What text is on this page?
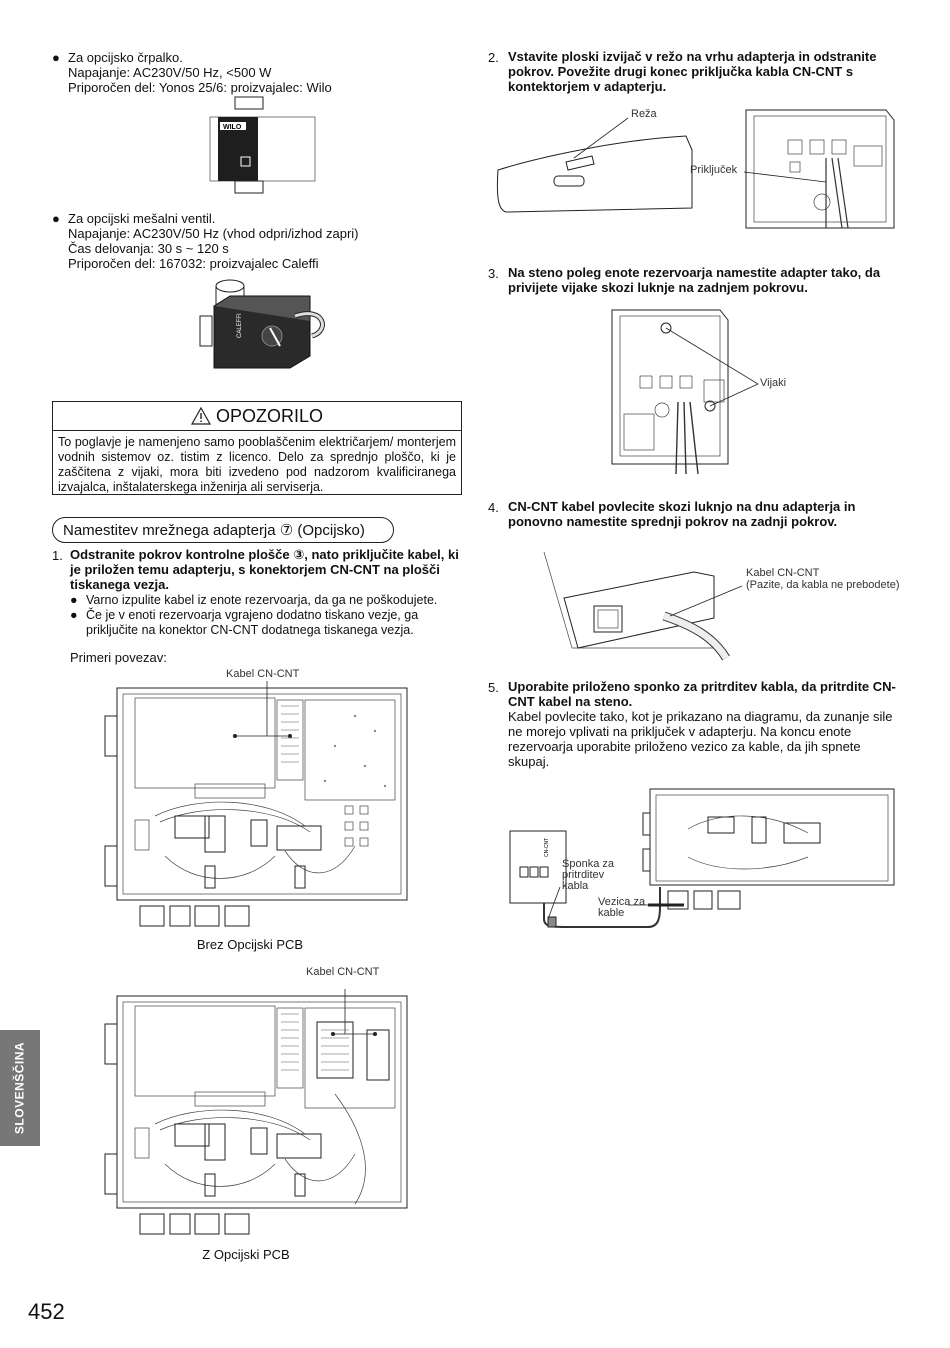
● Za opcijsko črpalko.
Napajanje: AC230V/50 Hz, <500 W
Priporočen del: Yonos 25/6: proizvajalec: Wilo
WILO
● Za opcijski mešalni ventil.
Napajanje: AC230V/50 Hz (vhod odpri/izhod zapri)
Čas delovanja: 30 s ~ 120 s
Priporočen del: 167032: proizvajalec Caleffi
CALEFFI
OPOZORILO
To poglavje je namenjeno samo pooblaščenim električarjem/ monterjem vodnih sistemov oz. tistim z licenco. Delo za sprednjo ploščo, ki je zaščitena z vijaki, mora biti izvedeno pod nadzorom kvalificiranega izvajalca, inštalaterskega inženirja ali serviserja.
Namestitev mrežnega adapterja ⑦ (Opcijsko)
1. Odstranite pokrov kontrolne plošče ③, nato priključite kabel, ki je priložen temu adapterju, s konektorjem CN-CNT na plošči tiskanega vezja.
● Varno izpulite kabel iz enote rezervoarja, da ga ne poškodujete.
● Če je v enoti rezervoarja vgrajeno dodatno tiskano vezje, ga priključite na konektor CN-CNT dodatnega tiskanega vezja.
Primeri povezav:
Kabel CN-CNT
Brez Opcijski PCB
Kabel CN-CNT
Z Opcijski PCB
2. Vstavite ploski izvijač v režo na vrhu adapterja in odstranite pokrov. Povežite drugi konec priključka kabla CN-CNT s kontektorjem v adapterju.
Reža
Priključek
3. Na steno poleg enote rezervoarja namestite adapter tako, da privijete vijake skozi luknje na zadnjem pokrovu.
Vijaki
4. CN-CNT kabel povlecite skozi luknjo na dnu adapterja in ponovno namestite sprednji pokrov na zadnji pokrov.
Kabel CN-CNT
(Pazite, da kabla ne prebodete)
5. Uporabite priloženo sponko za pritrditev kabla, da pritrdite CN-CNT kabel na steno.
Kabel povlecite tako, kot je prikazano na diagramu, da zunanje sile ne morejo vplivati na priključek v adapterju. Na koncu enote rezervoarja uporabite priloženo vezico za kable, da jih spnete skupaj.
CN-CNT
Sponka za pritrditev kabla
Vezica za kable
SLOVENŠČINA
452
